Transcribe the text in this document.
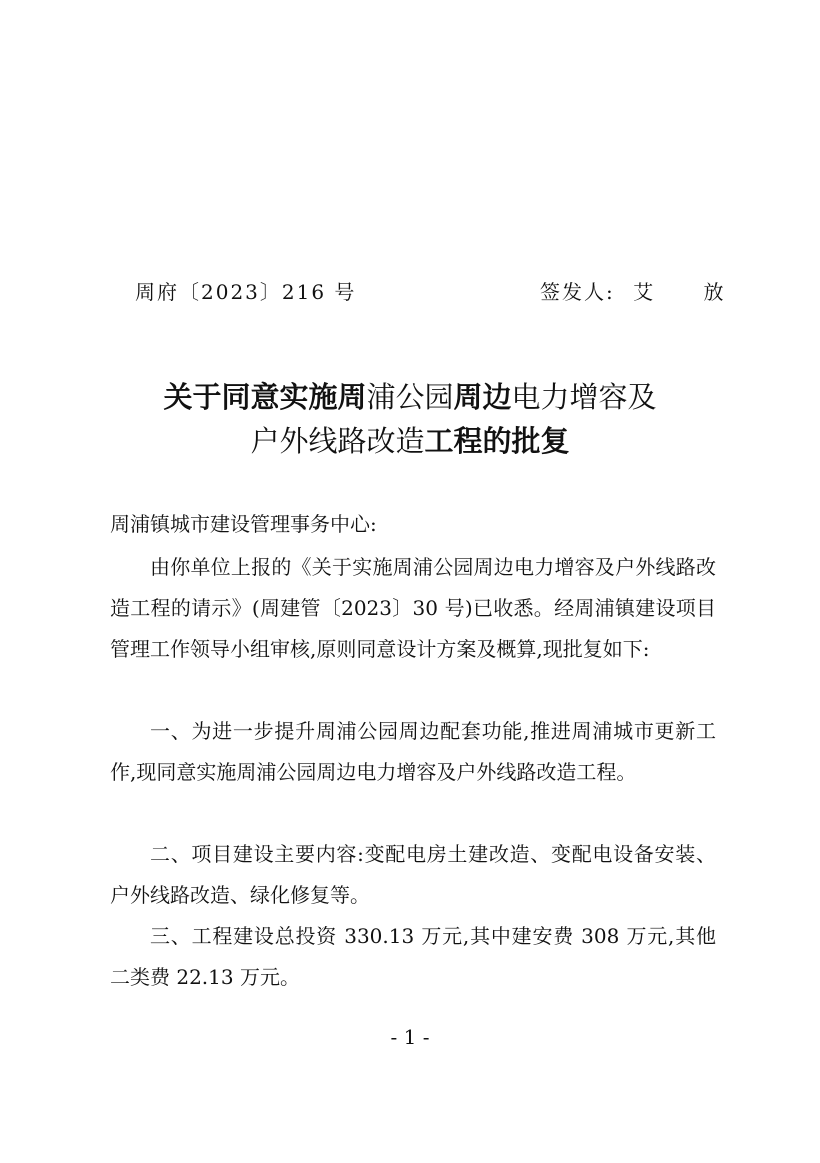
周府〔2023〕216 号	签发人: 艾 放
关于同意实施周浦公园周边电力增容及
户外线路改造工程的批复
周浦镇城市建设管理事务中心:

由你单位上报的《关于实施周浦公园周边电力增容及户外线路改造工程的请示》(周建管〔2023〕30 号)已收悉。经周浦镇建设项目管理工作领导小组审核,原则同意设计方案及概算,现批复如下:

一、为进一步提升周浦公园周边配套功能,推进周浦城市更新工作,现同意实施周浦公园周边电力增容及户外线路改造工程。

二、项目建设主要内容:变配电房土建改造、变配电设备安装、户外线路改造、绿化修复等。

三、工程建设总投资 330.13 万元,其中建安费 308 万元,其他二类费 22.13 万元。

- 1 -
